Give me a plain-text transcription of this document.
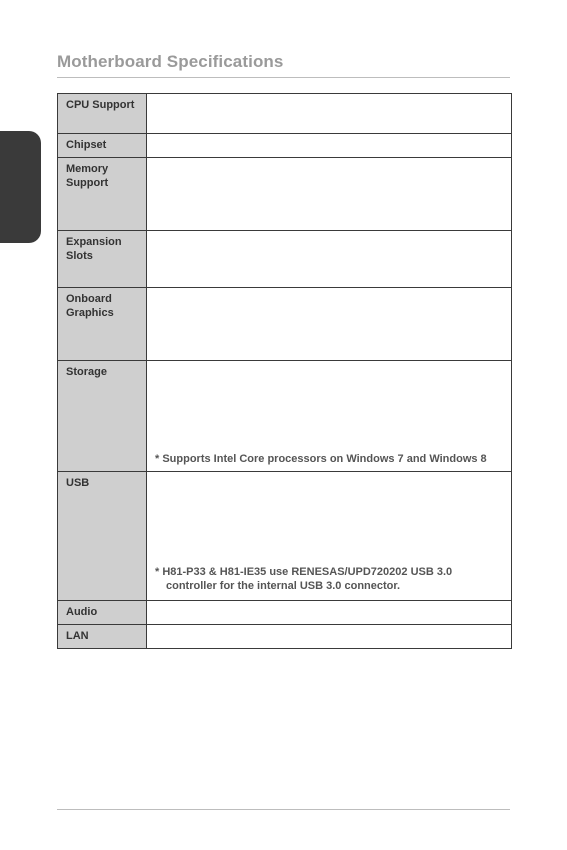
Motherboard Specifications
CPU Support	
Chipset	
Memory Support	
Expansion Slots	
Onboard Graphics	
Storage	* Supports Intel Core processors on Windows 7 and Windows 8

USB	* H81-P33 & H81-IE35 use RENESAS/UPD720202 USB 3.0
controller for the internal USB 3.0 connector.

Audio	
LAN	
